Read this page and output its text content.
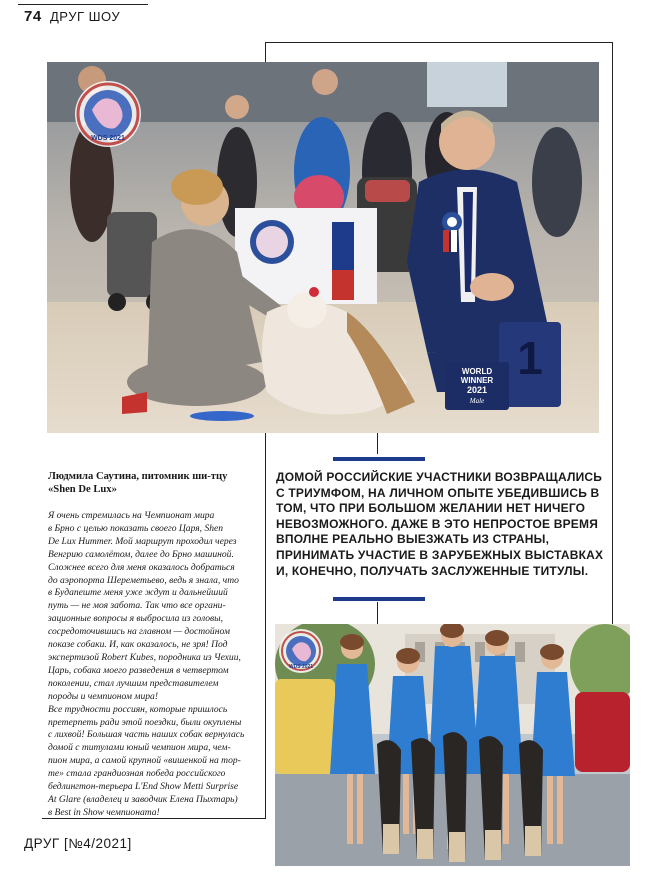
74 ДРУГ ШОУ
1
WORLD
WINNER
2021
Male
WDS 2021
Людмила Саутина, питомник ши-тцу
«Shen De Lux»
Я очень стремилась на Чемпионат мира
в Брно с целью показать своего Царя, Shen
De Lux Hummer. Мой маршрут проходил через
Венгрию самолётом, далее до Брно машиной.
Сложнее всего для меня оказалось добраться
до аэропорта Шереметьево, ведь я знала, что
в Будапеште меня уже ждут и дальнейший
путь — не моя забота. Так что все органи-
зационные вопросы я выбросила из головы,
сосредоточившись на главном — достойном
показе собаки. И, как оказалось, не зря! Под
экспертизой Robert Kubes, породника из Чехии,
Царь, собака моего разведения в четвертом
поколении, стал лучшим представителем
породы и чемпионом мира!
Все трудности россиян, которые пришлось
претерпеть ради этой поездки, были окуплены
с лихвой! Большая часть наших собак вернулась
домой с титулами юный чемпион мира, чем-
пион мира, а самой крупной «вишенкой на тор-
те» стала грандиозная победа российского
бедлингтон-терьера L'End Show Metti Surprise
At Glare (владелец и заводчик Елена Пыхтарь)
в Best in Show чемпионата!
ДОМОЙ РОССИЙСКИЕ УЧАСТНИКИ ВОЗВРАЩАЛИСЬ С ТРИУМФОМ, НА ЛИЧНОМ ОПЫТЕ УБЕДИВШИСЬ В ТОМ, ЧТО ПРИ БОЛЬШОМ ЖЕЛАНИИ НЕТ НИЧЕГО НЕВОЗМОЖНОГО. ДАЖЕ В ЭТО НЕПРОСТОЕ ВРЕМЯ ВПОЛНЕ РЕАЛЬНО ВЫЕЗЖАТЬ ИЗ СТРАНЫ, ПРИНИМАТЬ УЧАСТИЕ В ЗАРУБЕЖНЫХ ВЫСТАВКАХ И, КОНЕЧНО, ПОЛУЧАТЬ ЗАСЛУЖЕННЫЕ ТИТУЛЫ.
WDS 2021
ДРУГ [№4/2021]
